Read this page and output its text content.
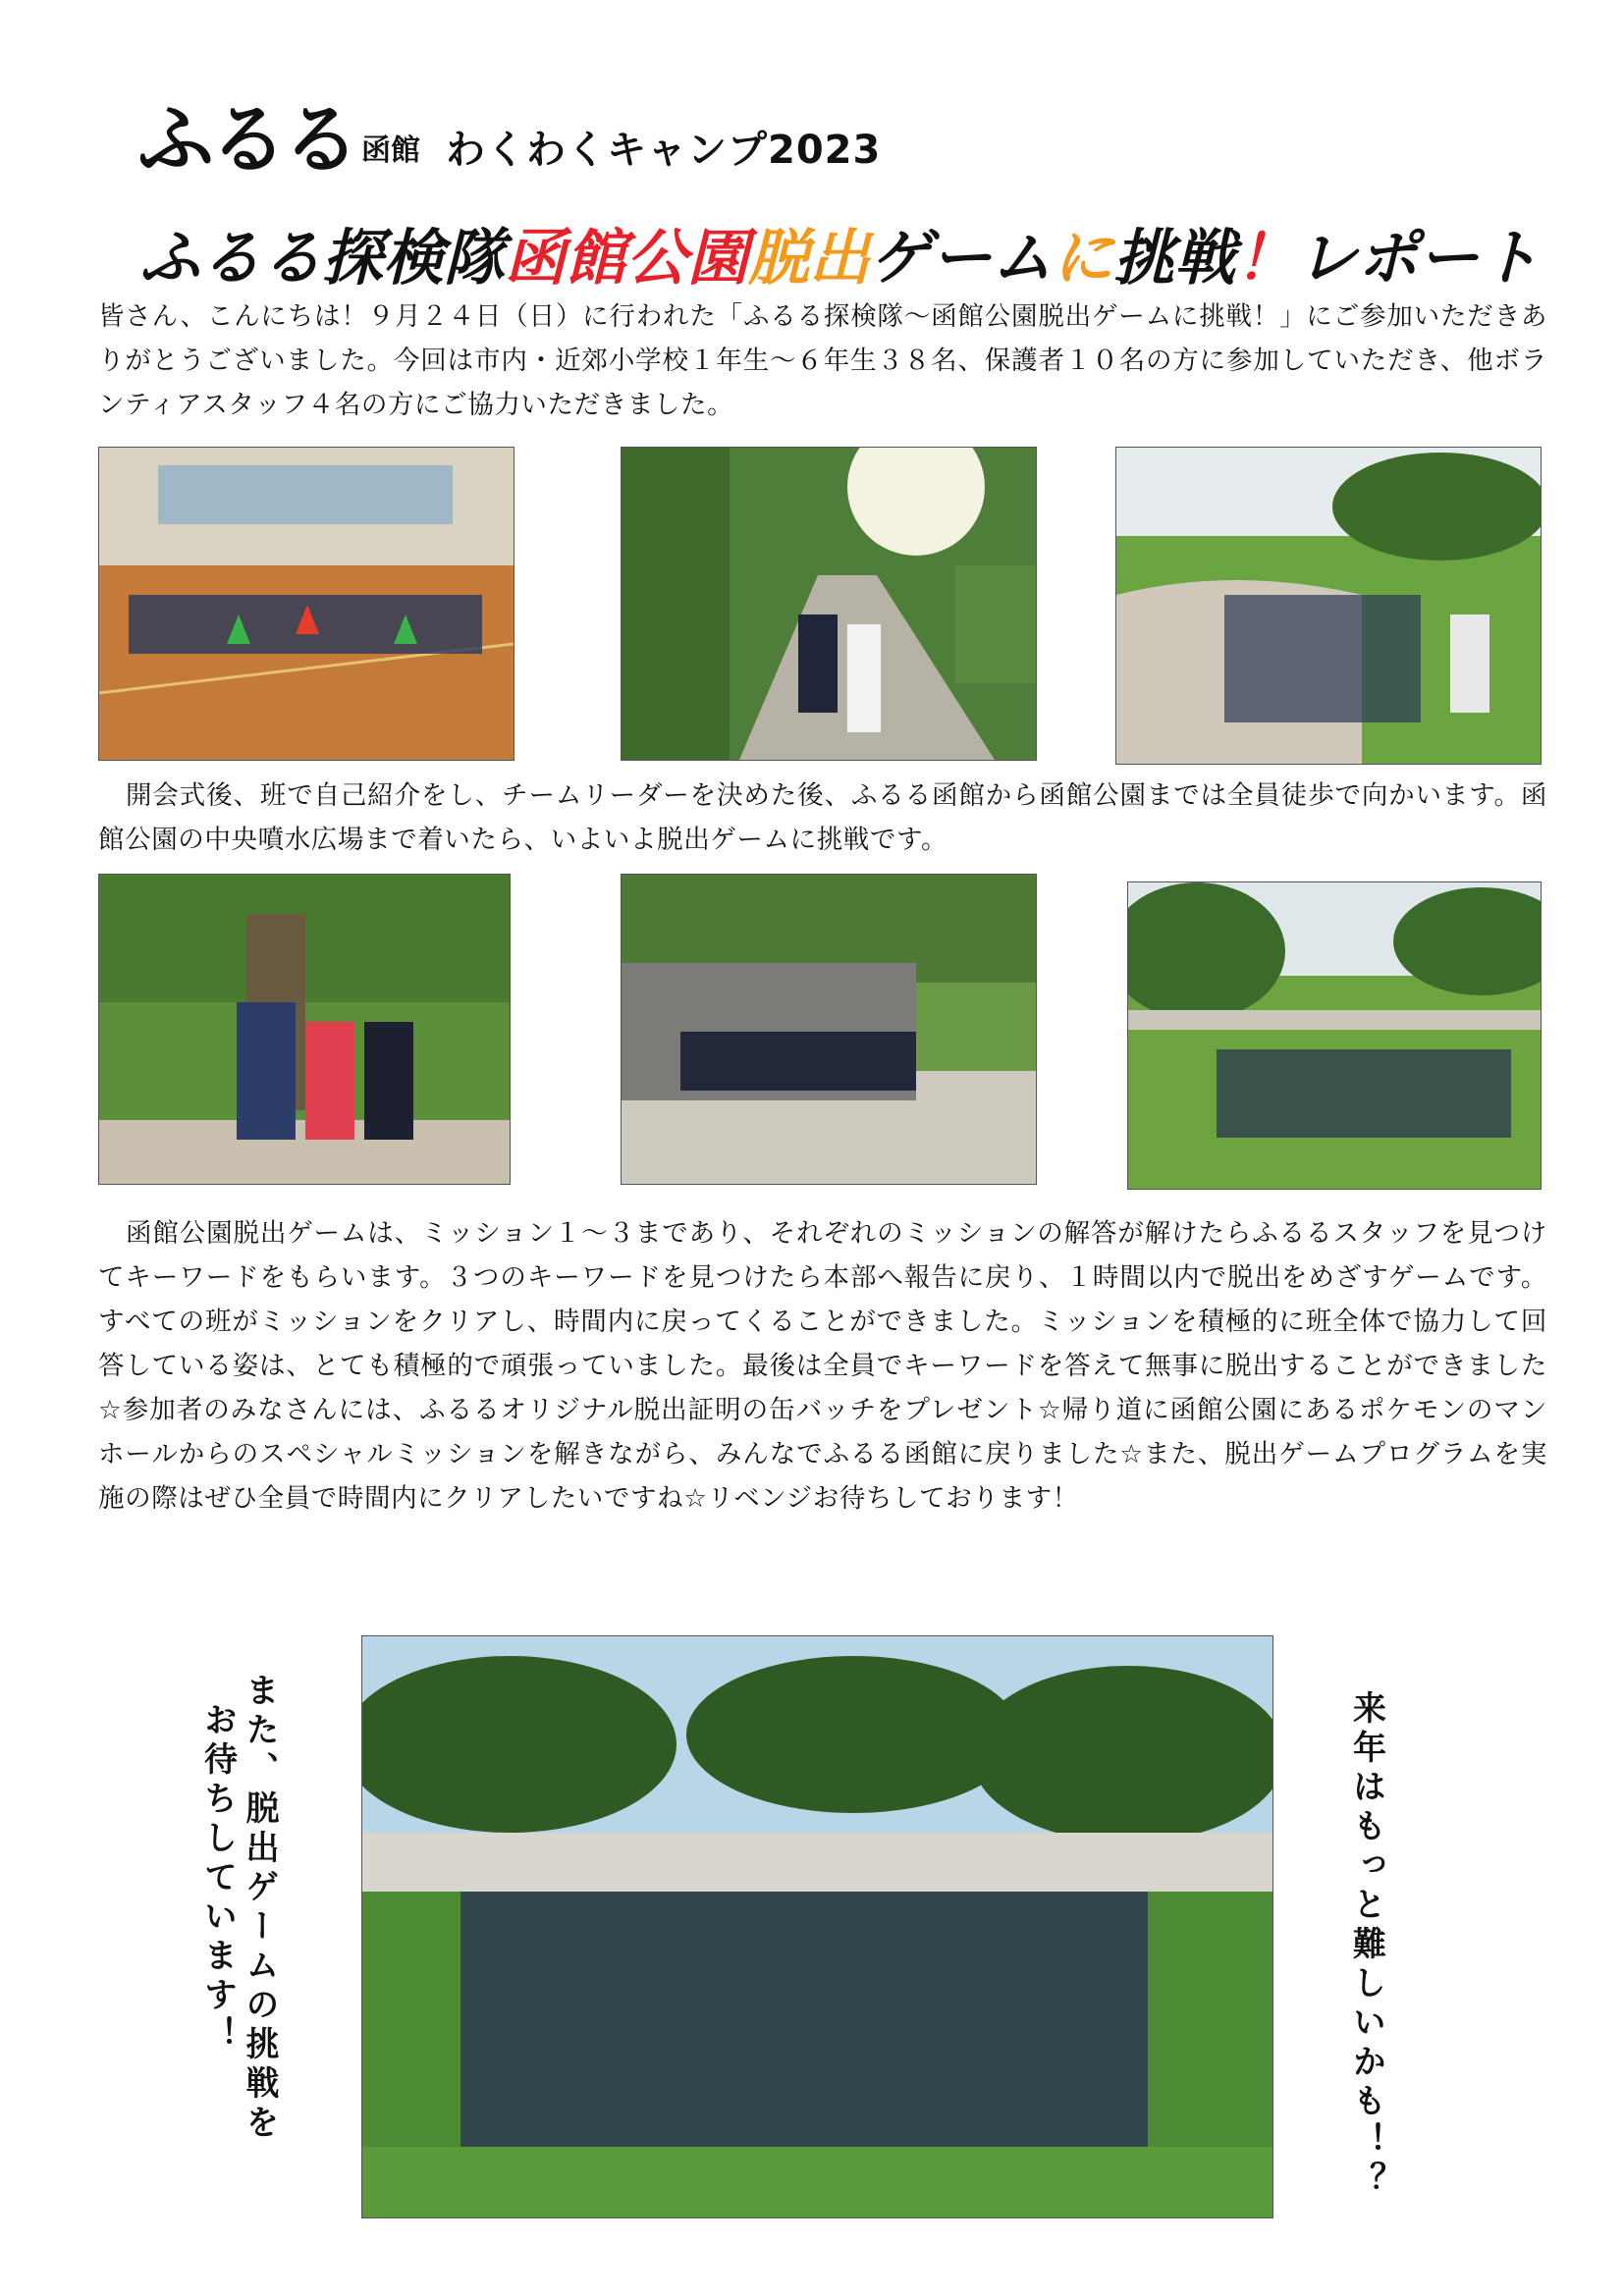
ふるる 函館 わくわくキャンプ2023
ふるる探検隊 函館公園 脱出 ゲーム に 挑戦 ！ レポート
皆さん、こんにちは！９月２４日（日）に行われた「ふるる探検隊～函館公園脱出ゲームに挑戦！」にご参加いただきありがとうございました。今回は市内・近郊小学校１年生～６年生３８名、保護者１０名の方に参加していただき、他ボランティアスタッフ４名の方にご協力いただきました。
開会式後、班で自己紹介をし、チームリーダーを決めた後、ふるる函館から函館公園までは全員徒歩で向かいます。函館公園の中央噴水広場まで着いたら、いよいよ脱出ゲームに挑戦です。
函館公園脱出ゲームは、ミッション１～３まであり、それぞれのミッションの解答が解けたらふるるスタッフを見つけてキーワードをもらいます。３つのキーワードを見つけたら本部へ報告に戻り、１時間以内で脱出をめざすゲームです。すべての班がミッションをクリアし、時間内に戻ってくることができました。ミッションを積極的に班全体で協力して回答している姿は、とても積極的で頑張っていました。最後は全員でキーワードを答えて無事に脱出することができました☆参加者のみなさんには、ふるるオリジナル脱出証明の缶バッチをプレゼント☆帰り道に函館公園にあるポケモンのマンホールからのスペシャルミッションを解きながら、みんなでふるる函館に戻りました☆また、脱出ゲームプログラムを実施の際はぜひ全員で時間内にクリアしたいですね☆リベンジお待ちしております！
また、脱出ゲームの挑戦を
お待ちしています！	来年はもっと難しいかも！？
